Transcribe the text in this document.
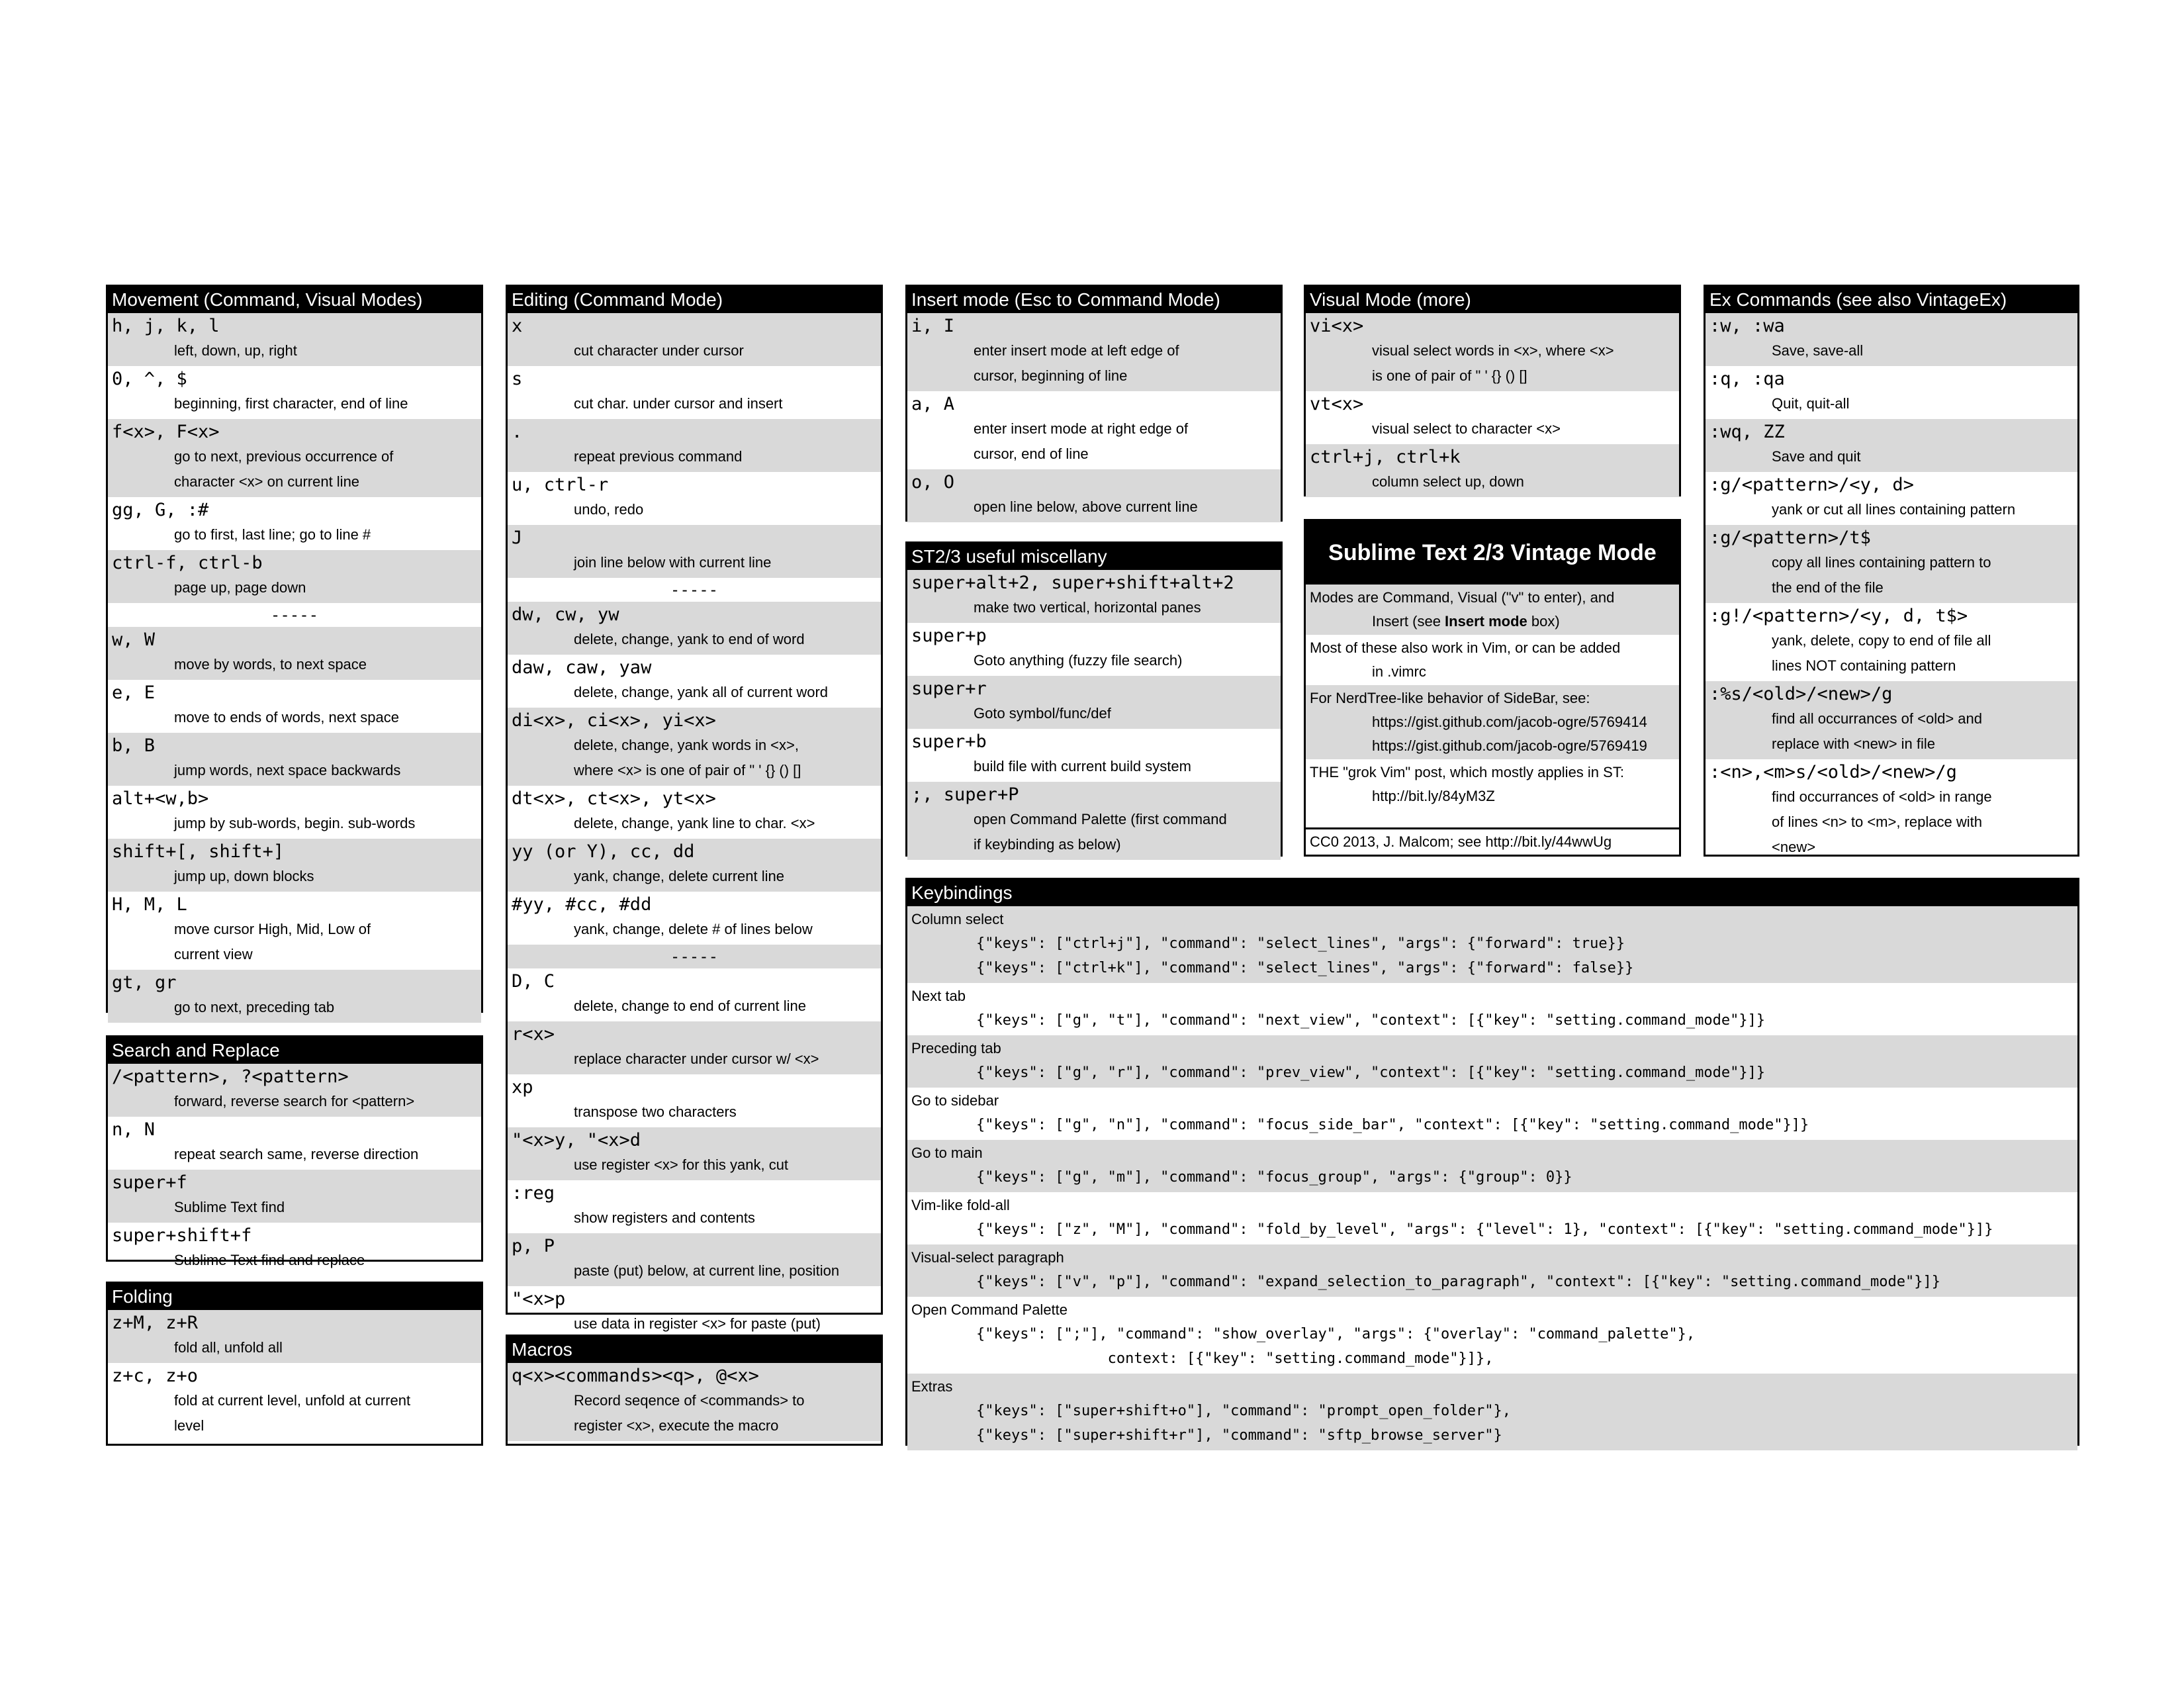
Movement (Command, Visual Modes)
h, j, k, l
left, down, up, right
0, ^, $
beginning, first character, end of line
f<x>, F<x>
go to next, previous occurrence of
character <x> on current line
gg, G, :#
go to first, last line; go to line #
ctrl-f, ctrl-b
page up, page down
-----
w, W
move by words, to next space
e, E
move to ends of words, next space
b, B
jump words, next space backwards
alt+<w,b>
jump by sub-words, begin. sub-words
shift+[, shift+]
jump up, down blocks
H, M, L
move cursor High, Mid, Low of
current view
gt, gr
go to next, preceding tab
Search and Replace
/<pattern>, ?<pattern>
forward, reverse search for <pattern>
n, N
repeat search same, reverse direction
super+f
Sublime Text find
super+shift+f
Sublime Text find and replace
Folding
z+M, z+R
fold all, unfold all
z+c, z+o
fold at current level, unfold at current
level
Editing (Command Mode)
x
cut character under cursor
s
cut char. under cursor and insert
.
repeat previous command
u, ctrl-r
undo, redo
J
join line below with current line
-----
dw, cw, yw
delete, change, yank to end of word
daw, caw, yaw
delete, change, yank all of current word
di<x>, ci<x>, yi<x>
delete, change, yank words in <x>,
where <x> is one of pair of " ' {} () []
dt<x>, ct<x>, yt<x>
delete, change, yank line to char. <x>
yy (or Y), cc, dd
yank, change, delete current line
#yy, #cc, #dd
yank, change, delete # of lines below
-----
D, C
delete, change to end of current line
r<x>
replace character under cursor w/ <x>
xp
transpose two characters
"<x>y, "<x>d
use register <x> for this yank, cut
:reg
show registers and contents
p, P
paste (put) below, at current line, position
"<x>p
use data in register <x> for paste (put)
Macros
q<x><commands><q>, @<x>
Record seqence of <commands> to
register <x>, execute the macro
Insert mode (Esc to Command Mode)
i, I
enter insert mode at left edge of
cursor, beginning of line
a, A
enter insert mode at right edge of
cursor, end of line
o, O
open line below, above current line
ST2/3 useful miscellany
super+alt+2, super+shift+alt+2
make two vertical, horizontal panes
super+p
Goto anything (fuzzy file search)
super+r
Goto symbol/func/def
super+b
build file with current build system
;, super+P
open Command Palette (first command
if keybinding as below)
Visual Mode (more)
vi<x>
visual select words in <x>, where <x>
is one of pair of " ' {} () []
vt<x>
visual select to character <x>
ctrl+j, ctrl+k
column select up, down
Sublime Text 2/3 Vintage Mode
Modes are Command, Visual ("v" to enter), and
Insert (see Insert mode box)
Most of these also work in Vim, or can be added
in .vimrc
For NerdTree-like behavior of SideBar, see:
https://gist.github.com/jacob-ogre/5769414
https://gist.github.com/jacob-ogre/5769419
THE "grok Vim" post, which mostly applies in ST:
http://bit.ly/84yM3Z
CC0 2013, J. Malcom; see http://bit.ly/44wwUg
Ex Commands (see also VintageEx)
:w, :wa
Save, save-all
:q, :qa
Quit, quit-all
:wq, ZZ
Save and quit
:g/<pattern>/<y, d>
yank or cut all lines containing pattern
:g/<pattern>/t$
copy all lines containing pattern to
the end of the file
:g!/<pattern>/<y, d, t$>
yank, delete, copy to end of file all
lines NOT containing pattern
:%s/<old>/<new>/g
find all occurrances of <old> and
replace with <new> in file
:<n>,<m>s/<old>/<new>/g
find occurrances of <old> in range
of lines <n> to <m>, replace with
<new>
Keybindings
Column select
{"keys": ["ctrl+j"], "command": "select_lines", "args": {"forward": true}}
{"keys": ["ctrl+k"], "command": "select_lines", "args": {"forward": false}}
Next tab
{"keys": ["g", "t"], "command": "next_view", "context": [{"key": "setting.command_mode"}]}
Preceding tab
{"keys": ["g", "r"], "command": "prev_view", "context": [{"key": "setting.command_mode"}]}
Go to sidebar
{"keys": ["g", "n"], "command": "focus_side_bar", "context": [{"key": "setting.command_mode"}]}
Go to main
{"keys": ["g", "m"], "command": "focus_group", "args": {"group": 0}}
Vim-like fold-all
{"keys": ["z", "M"], "command": "fold_by_level", "args": {"level": 1}, "context": [{"key": "setting.command_mode"}]}
Visual-select paragraph
{"keys": ["v", "p"], "command": "expand_selection_to_paragraph", "context": [{"key": "setting.command_mode"}]}
Open Command Palette
{"keys": [";"], "command": "show_overlay", "args": {"overlay": "command_palette"},
context: [{"key": "setting.command_mode"}]},
Extras
{"keys": ["super+shift+o"], "command": "prompt_open_folder"},
{"keys": ["super+shift+r"], "command": "sftp_browse_server"}
